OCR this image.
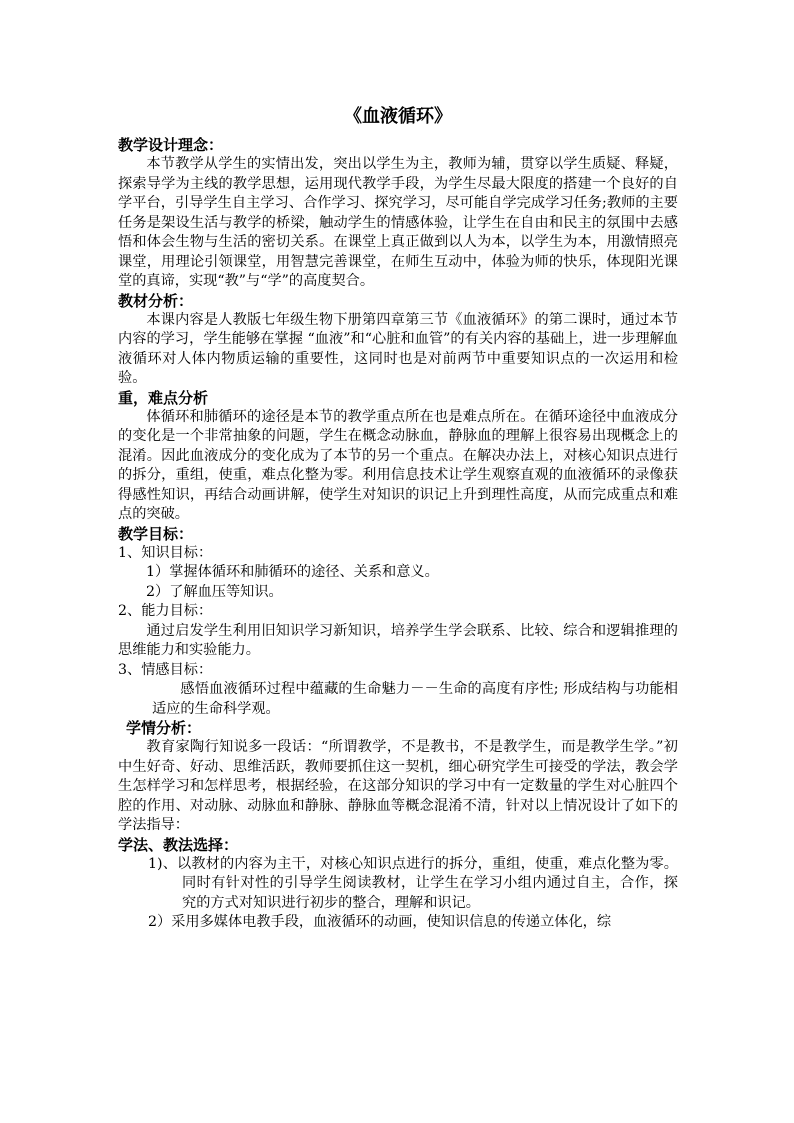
《血液循环》

教学设计理念：

本节教学从学生的实情出发，突出以学生为主，教师为辅，贯穿以学生质疑、释疑，探索导学为主线的教学思想，运用现代教学手段，为学生尽最大限度的搭建一个良好的自学平台，引导学生自主学习、合作学习、探究学习，尽可能自学完成学习任务;教师的主要任务是架设生活与教学的桥梁，触动学生的情感体验，让学生在自由和民主的氛围中去感悟和体会生物与生活的密切关系。在课堂上真正做到以人为本，以学生为本，用激情照亮课堂，用理论引领课堂，用智慧完善课堂，在师生互动中，体验为师的快乐，体现阳光课堂的真谛，实现“教”与“学”的高度契合。

教材分析：

本课内容是人教版七年级生物下册第四章第三节《血液循环》的第二课时，通过本节内容的学习，学生能够在掌握 “血液”和“心脏和血管”的有关内容的基础上，进一步理解血液循环对人体内物质运输的重要性，这同时也是对前两节中重要知识点的一次运用和检验。

重，难点分析

体循环和肺循环的途径是本节的教学重点所在也是难点所在。在循环途径中血液成分的变化是一个非常抽象的问题，学生在概念动脉血，静脉血的理解上很容易出现概念上的混淆。因此血液成分的变化成为了本节的另一个重点。在解决办法上，对核心知识点进行的拆分，重组，使重，难点化整为零。利用信息技术让学生观察直观的血液循环的录像获得感性知识，再结合动画讲解，使学生对知识的识记上升到理性高度，从而完成重点和难点的突破。

教学目标：

1、知识目标：

1）掌握体循环和肺循环的途径、关系和意义。

2）了解血压等知识。

2、能力目标：

通过启发学生利用旧知识学习新知识，培养学生学会联系、比较、综合和逻辑推理的思维能力和实验能力。

3、情感目标：

感悟血液循环过程中蕴藏的生命魅力－－生命的高度有序性; 形成结构与功能相适应的生命科学观。

学情分析：

教育家陶行知说多一段话：“所谓教学，不是教书，不是教学生，而是教学生学。”初中生好奇、好动、思维活跃，教师要抓住这一契机，细心研究学生可接受的学法，教会学生怎样学习和怎样思考，根据经验，在这部分知识的学习中有一定数量的学生对心脏四个腔的作用、对动脉、动脉血和静脉、静脉血等概念混淆不清，针对以上情况设计了如下的学法指导：

学法、教法选择：

1)、以教材的内容为主干，对核心知识点进行的拆分，重组，使重，难点化整为零。同时有针对性的引导学生阅读教材，让学生在学习小组内通过自主，合作，探究的方式对知识进行初步的整合，理解和识记。

2）采用多媒体电教手段，血液循环的动画，使知识信息的传递立体化，综
